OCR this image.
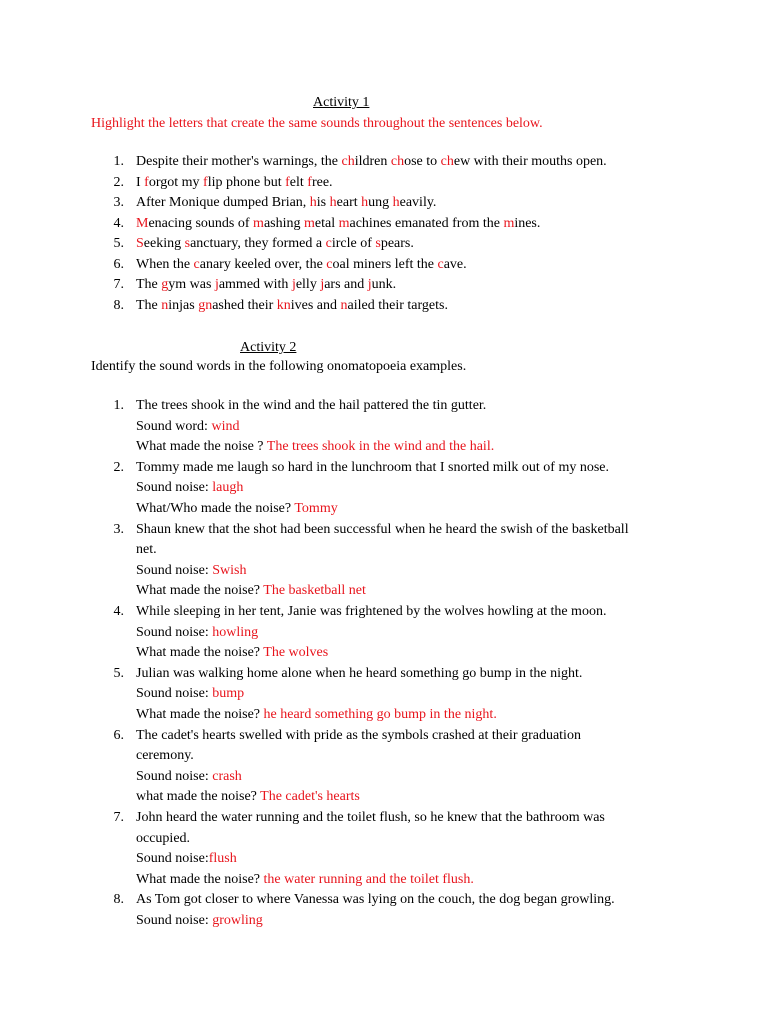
Activity 1
Highlight the letters that create the same sounds throughout the sentences below.
1. Despite their mother's warnings, the children chose to chew with their mouths open.
2. I forgot my flip phone but felt free.
3. After Monique dumped Brian, his heart hung heavily.
4. Menacing sounds of mashing metal machines emanated from the mines.
5. Seeking sanctuary, they formed a circle of spears.
6. When the canary keeled over, the coal miners left the cave.
7. The gym was jammed with jelly jars and junk.
8. The ninjas gnashed their knives and nailed their targets.
Activity 2
Identify the sound words in the following onomatopoeia examples.
1. The trees shook in the wind and the hail pattered the tin gutter.
Sound word: wind
What made the noise ? The trees shook in the wind and the hail.
2. Tommy made me laugh so hard in the lunchroom that I snorted milk out of my nose.
Sound noise: laugh
What/Who made the noise? Tommy
3. Shaun knew that the shot had been successful when he heard the swish of the basketball
net.
Sound noise: Swish
What made the noise? The basketball net
4. While sleeping in her tent, Janie was frightened by the wolves howling at the moon.
Sound noise: howling
What made the noise? The wolves
5. Julian was walking home alone when he heard something go bump in the night.
Sound noise: bump
What made the noise? he heard something go bump in the night.
6. The cadet's hearts swelled with pride as the symbols crashed at their graduation
ceremony.
Sound noise: crash
what made the noise? The cadet's hearts
7. John heard the water running and the toilet flush, so he knew that the bathroom was
occupied.
Sound noise:flush
What made the noise? the water running and the toilet flush.
8. As Tom got closer to where Vanessa was lying on the couch, the dog began growling.
Sound noise: growling
